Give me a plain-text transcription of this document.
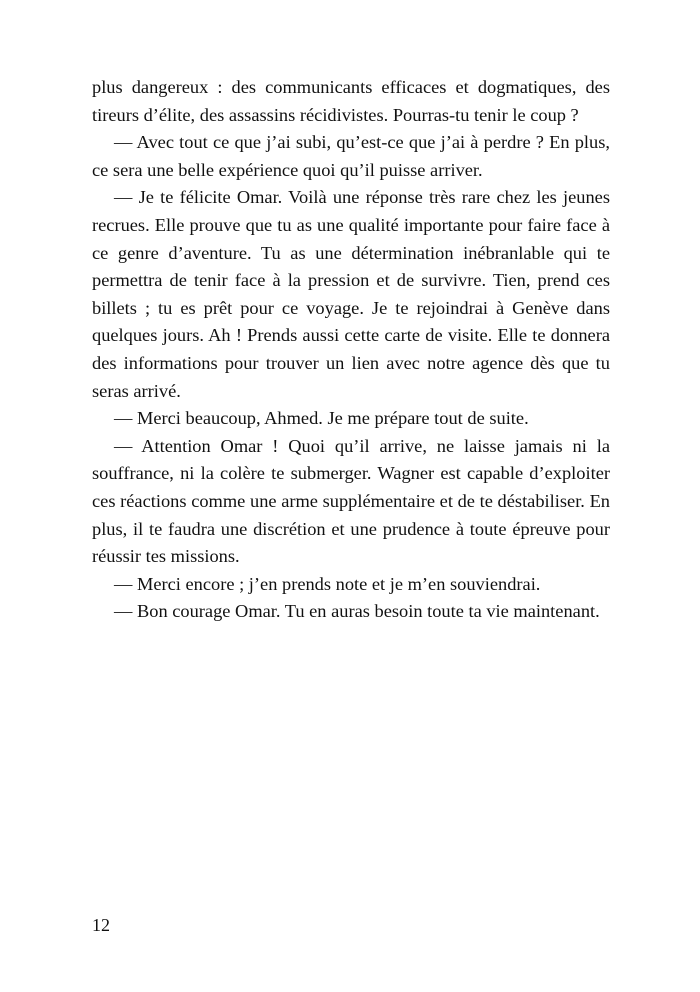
plus dangereux : des communicants efficaces et dogmatiques, des tireurs d’élite, des assassins récidivistes. Pourras-tu tenir le coup ?

— Avec tout ce que j’ai subi, qu’est-ce que j’ai à perdre ? En plus, ce sera une belle expérience quoi qu’il puisse arriver.

— Je te félicite Omar. Voilà une réponse très rare chez les jeunes recrues. Elle prouve que tu as une qualité importante pour faire face à ce genre d’aventure. Tu as une détermination inébranlable qui te permettra de tenir face à la pression et de survivre. Tien, prend ces billets ; tu es prêt pour ce voyage. Je te rejoindrai à Genève dans quelques jours. Ah ! Prends aussi cette carte de visite. Elle te donnera des informations pour trouver un lien avec notre agence dès que tu seras arrivé.

— Merci beaucoup, Ahmed. Je me prépare tout de suite.

— Attention Omar ! Quoi qu’il arrive, ne laisse jamais ni la souffrance, ni la colère te submerger. Wagner est capable d’exploiter ces réactions comme une arme supplémentaire et de te déstabiliser. En plus, il te faudra une discrétion et une prudence à toute épreuve pour réussir tes missions.

— Merci encore ; j’en prends note et je m’en souviendrai.

— Bon courage Omar. Tu en auras besoin toute ta vie maintenant.

12
